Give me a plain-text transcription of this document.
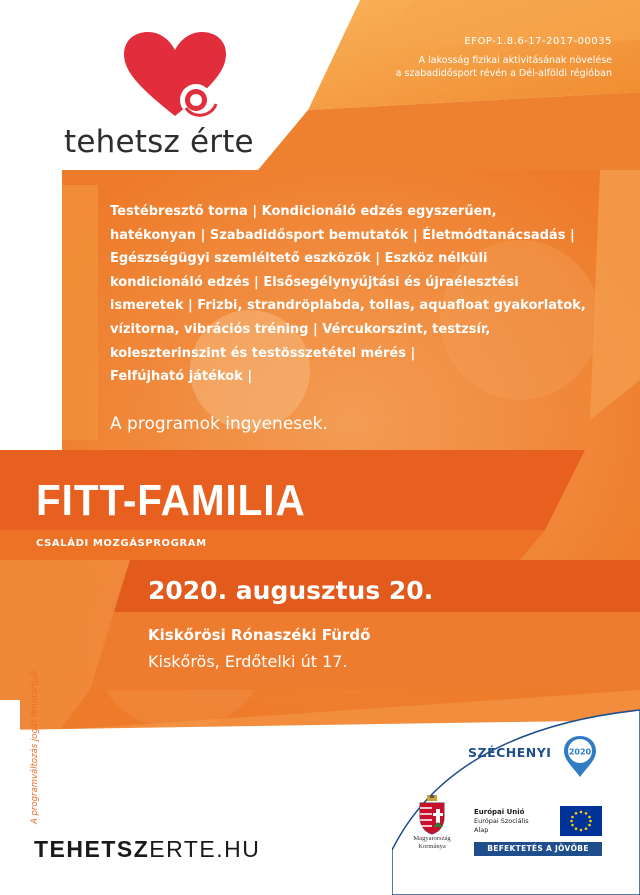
tehetsz érte
EFOP-1.8.6-17-2017-00035
A lakosság fizikai aktivitásának növelése
a szabadidősport révén a Dél-alföldi régióban
Testébresztő torna | Kondicionáló edzés egyszerűen,
hatékonyan | Szabadidősport bemutatók | Életmódtanácsadás |
Egészségügyi szemléltető eszközök | Eszköz nélküli
kondicionáló edzés | Elsősegélynyújtási és újraélesztési
ismeretek | Frizbi, strandröplabda, tollas, aquafloat gyakorlatok,
vízitorna, vibrációs tréning | Vércukorszint, testzsír,
koleszterinszint és testösszetétel mérés |
Felfújható játékok |
A programok ingyenesek.
FITT-FAMILIA
CSALÁDI MOZGÁSPROGRAM
2020. augusztus 20.
Kiskőrösi Rónaszéki Fürdő
Kiskőrös, Erdőtelki út 17.
A programváltozás jogát fenntartjuk.
TEHETSZERTE.HU
SZÉCHENYI 2020
Magyarország
Kormánya
Európai Unió
Európai Szociális
Alap
BEFEKTETÉS A JÖVŐBE
